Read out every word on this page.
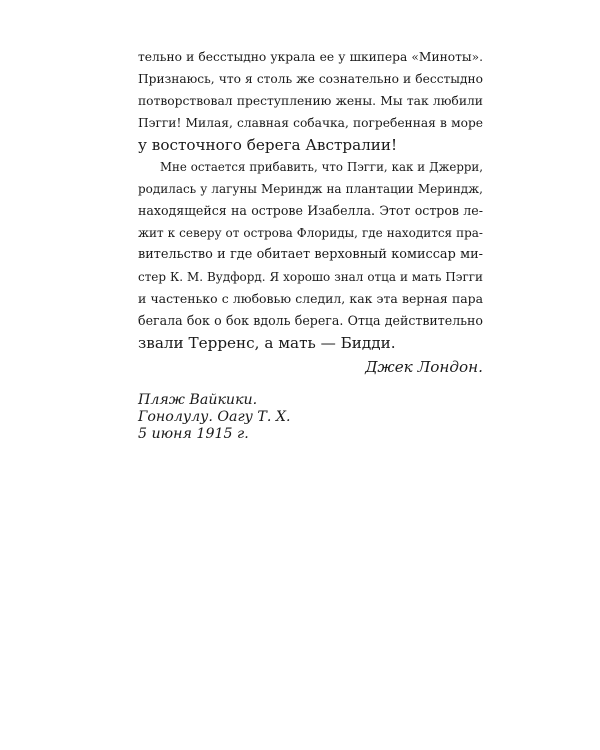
тельно и бесстыдно украла ее у шкипера «Миноты».
Признаюсь, что я столь же сознательно и бесстыдно
потворствовал преступлению жены. Мы так любили
Пэгги! Милая, славная собачка, погребенная в море
у восточного берега Австралии!
Мне остается прибавить, что Пэгги, как и Джерри,
родилась у лагуны Мериндж на плантации Мериндж,
находящейся на острове Изабелла. Этот остров ле-
жит к северу от острова Флориды, где находится пра-
вительство и где обитает верховный комиссар ми-
стер К. М. Вудфорд. Я хорошо знал отца и мать Пэгги
и частенько с любовью следил, как эта верная пара
бегала бок о бок вдоль берега. Отца действительно
звали Терренс, а мать — Бидди.
Джек Лондон.
Пляж Вайкики.
Гонолулу. Оагу Т. Х.
5 июня 1915 г.
